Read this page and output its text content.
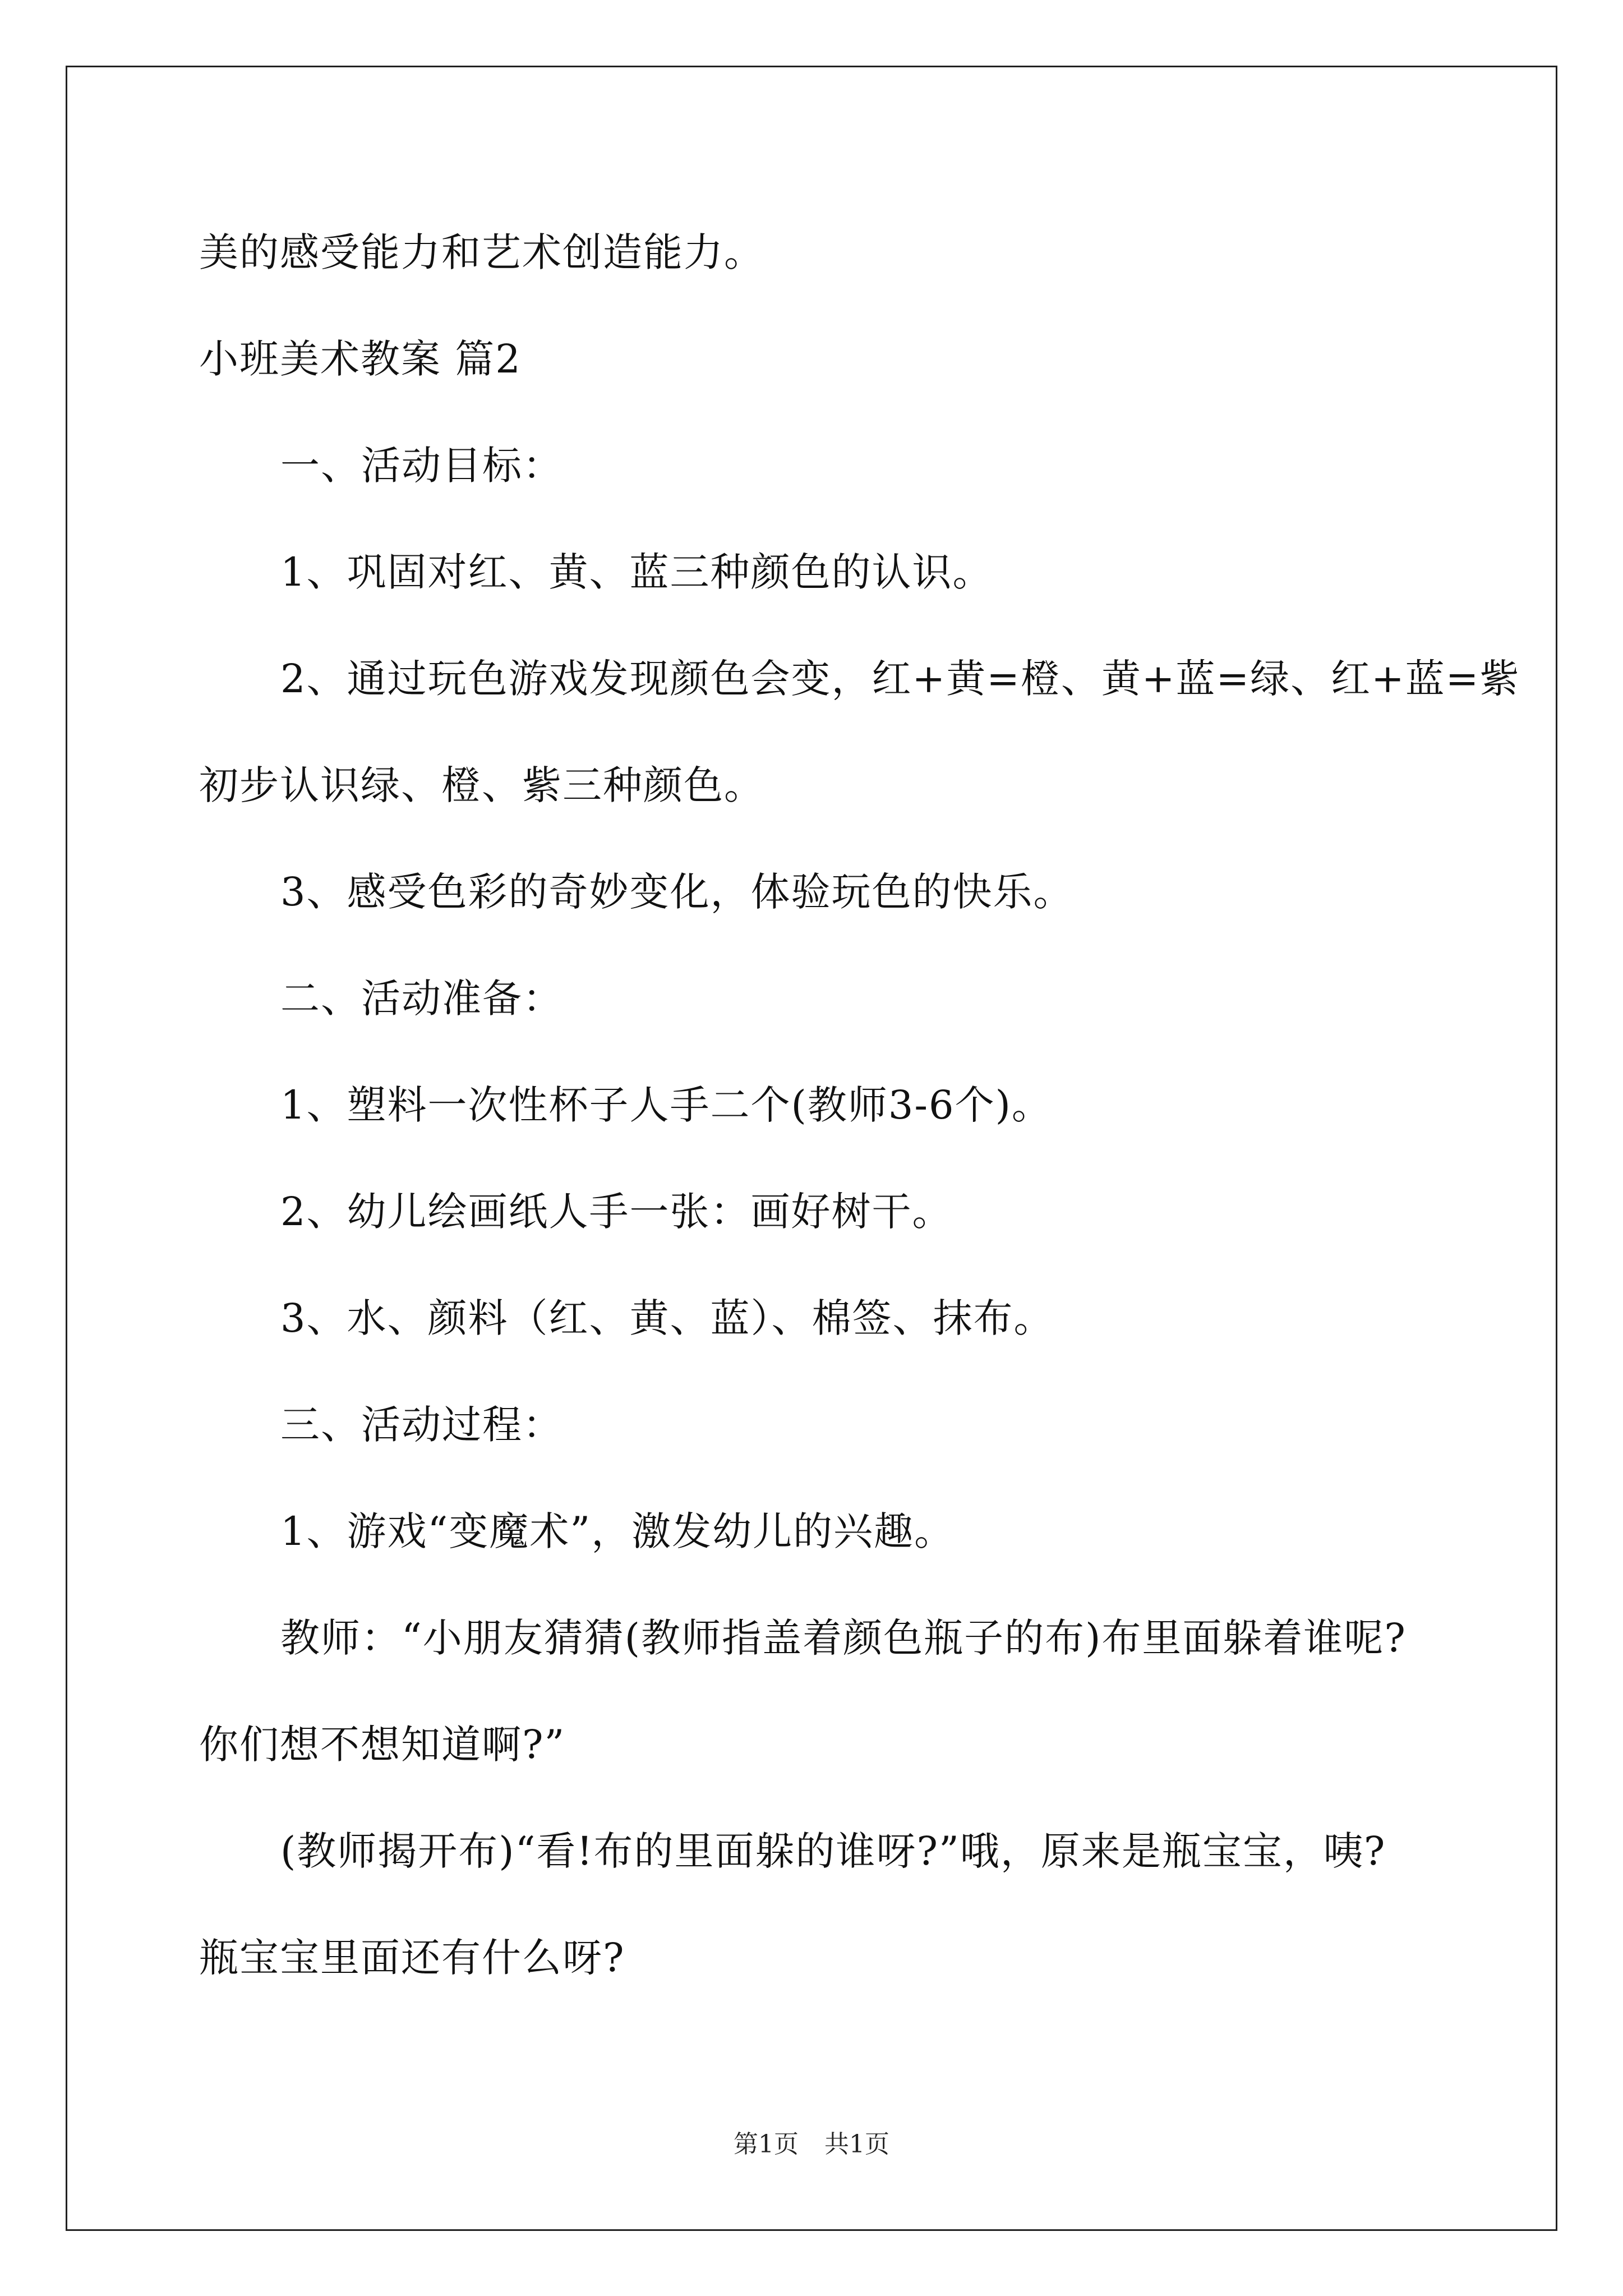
美的感受能力和艺术创造能力。
小班美术教案 篇2
一、活动目标：
1、巩固对红、黄、蓝三种颜色的认识。
2、通过玩色游戏发现颜色会变，红+黄=橙、黄+蓝=绿、红+蓝=紫
初步认识绿、橙、紫三种颜色。
3、感受色彩的奇妙变化，体验玩色的快乐。
二、活动准备：
1、塑料一次性杯子人手二个(教师3-6个)。
2、幼儿绘画纸人手一张：画好树干。
3、水、颜料（红、黄、蓝）、棉签、抹布。
三、活动过程：
1、游戏“变魔术”，激发幼儿的兴趣。
教师：“小朋友猜猜(教师指盖着颜色瓶子的布)布里面躲着谁呢?
你们想不想知道啊?”
(教师揭开布)“看!布的里面躲的谁呀?”哦，原来是瓶宝宝，咦?
瓶宝宝里面还有什么呀?
第1页 共1页
